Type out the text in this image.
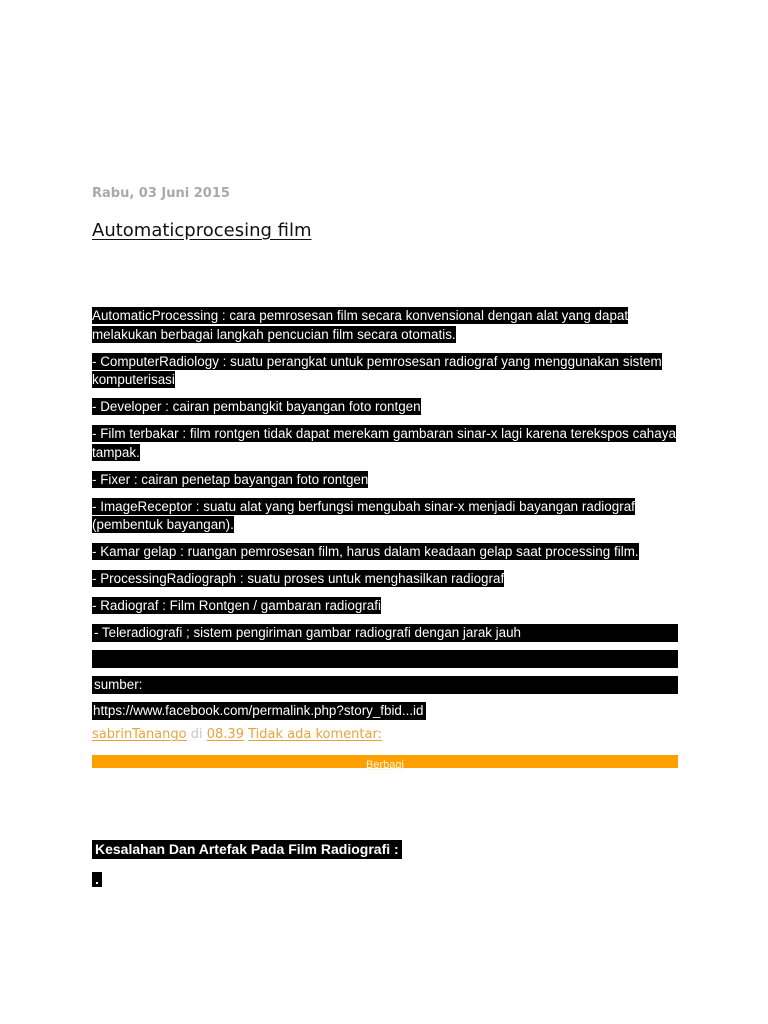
Rabu, 03 Juni 2015
Automaticprocesing film

AutomaticProcessing : cara pemrosesan film secara konvensional dengan alat yang dapat melakukan berbagai langkah pencucian film secara otomatis.

- ComputerRadiology : suatu perangkat untuk pemrosesan radiograf yang menggunakan sistem komputerisasi

- Developer : cairan pembangkit bayangan foto rontgen

- Film terbakar : film rontgen tidak dapat merekam gambaran sinar-x lagi karena terekspos cahaya tampak.

- Fixer : cairan penetap bayangan foto rontgen

- ImageReceptor : suatu alat yang berfungsi mengubah sinar-x menjadi bayangan radiograf (pembentuk bayangan).

- Kamar gelap : ruangan pemrosesan film, harus dalam keadaan gelap saat processing film.

- ProcessingRadiograph : suatu proses untuk menghasilkan radiograf

- Radiograf : Film Rontgen / gambaran radiografi

- Teleradiografi ; sistem pengiriman gambar radiografi dengan jarak jauh
sumber:
https://www.facebook.com/permalink.php?story_fbid...id
sabrinTanango di 08.39 Tidak ada komentar:
Berbagi
Kesalahan Dan Artefak Pada Film Radiografi :
